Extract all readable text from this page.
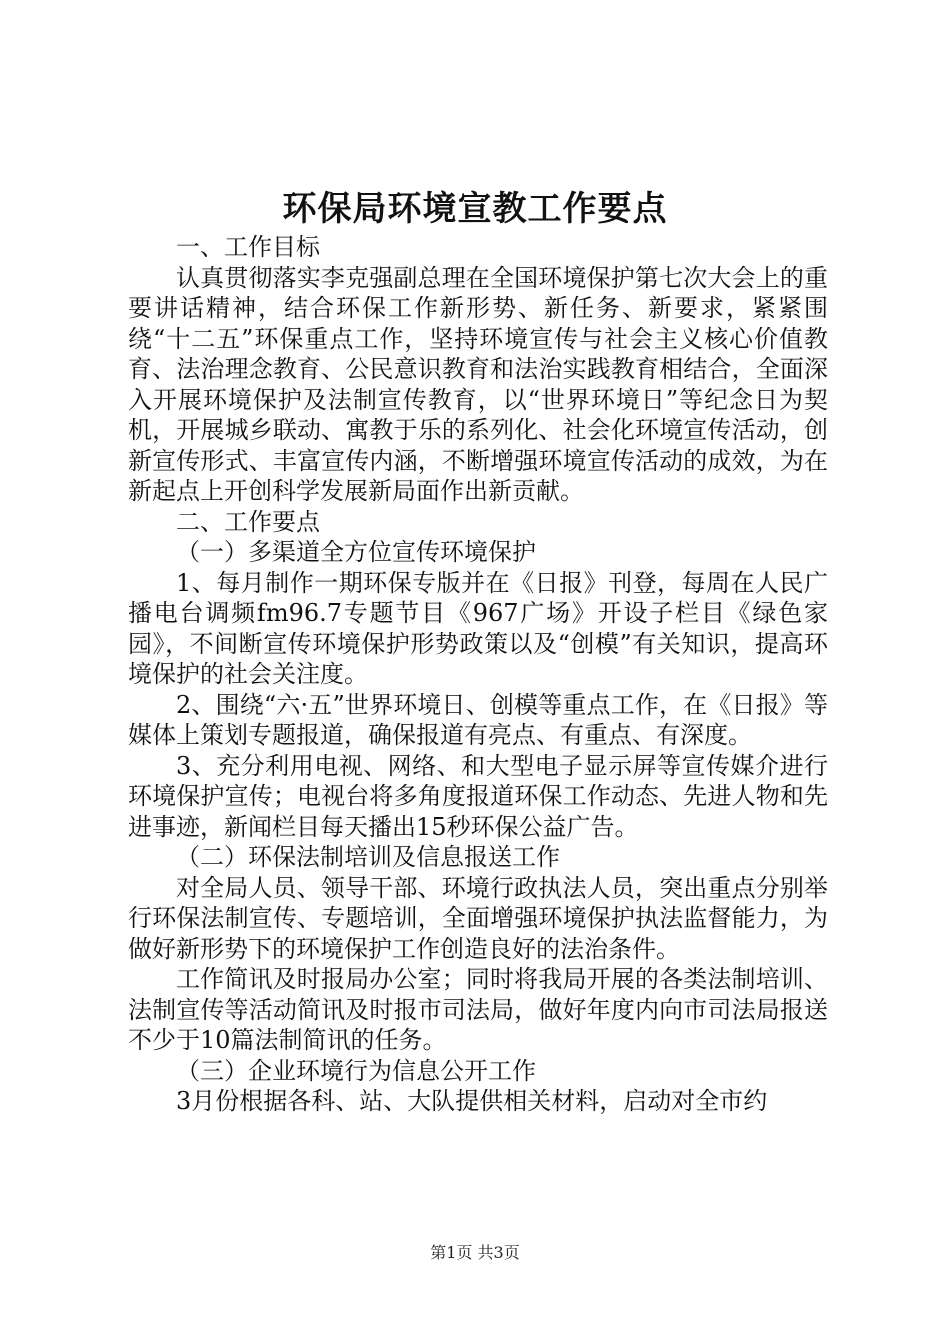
环保局环境宣教工作要点

一、工作目标

认真贯彻落实李克强副总理在全国环境保护第七次大会上的重要讲话精神，结合环保工作新形势、新任务、新要求，紧紧围绕“十二五”环保重点工作，坚持环境宣传与社会主义核心价值教育、法治理念教育、公民意识教育和法治实践教育相结合，全面深入开展环境保护及法制宣传教育，以“世界环境日”等纪念日为契机，开展城乡联动、寓教于乐的系列化、社会化环境宣传活动，创新宣传形式、丰富宣传内涵，不断增强环境宣传活动的成效，为在新起点上开创科学发展新局面作出新贡献。

二、工作要点

（一）多渠道全方位宣传环境保护

1、每月制作一期环保专版并在《日报》刊登，每周在人民广播电台调频fm96.7专题节目《967广场》开设子栏目《绿色家园》，不间断宣传环境保护形势政策以及“创模”有关知识，提高环境保护的社会关注度。

2、围绕“六·五”世界环境日、创模等重点工作，在《日报》等媒体上策划专题报道，确保报道有亮点、有重点、有深度。

3、充分利用电视、网络、和大型电子显示屏等宣传媒介进行环境保护宣传；电视台将多角度报道环保工作动态、先进人物和先进事迹，新闻栏目每天播出15秒环保公益广告。

（二）环保法制培训及信息报送工作

对全局人员、领导干部、环境行政执法人员，突出重点分别举行环保法制宣传、专题培训，全面增强环境保护执法监督能力，为做好新形势下的环境保护工作创造良好的法治条件。

工作简讯及时报局办公室；同时将我局开展的各类法制培训、法制宣传等活动简讯及时报市司法局，做好年度内向市司法局报送不少于10篇法制简讯的任务。

（三）企业环境行为信息公开工作

3月份根据各科、站、大队提供相关材料，启动对全市约

第1页 共3页
